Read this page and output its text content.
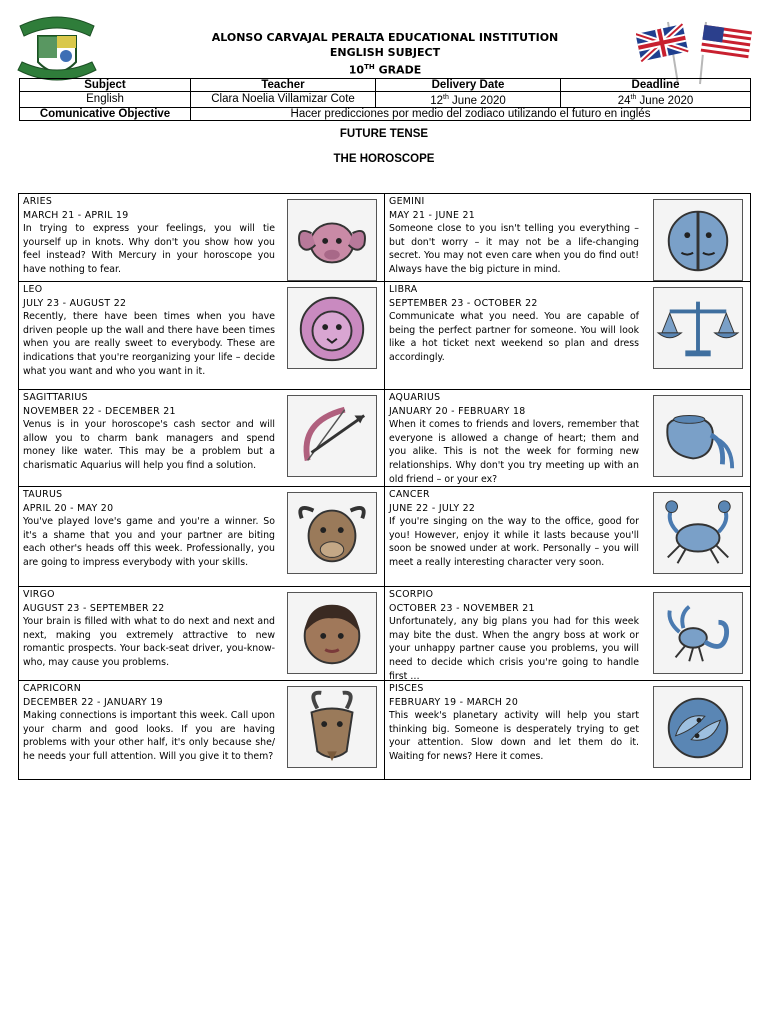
ALONSO CARVAJAL PERALTA EDUCATIONAL INSTITUTION
ENGLISH SUBJECT
10TH GRADE
Subject	Teacher	Delivery Date	Deadline
English	Clara Noelia Villamizar Cote	12th June 2020	24th June 2020
Comunicative Objective	Hacer predicciones por medio del zodiaco utilizando el futuro en inglés		
FUTURE TENSE
THE HOROSCOPE
ARIES
MARCH 21 - APRIL 19
In trying to express your feelings, you will tie yourself up in knots. Why don't you show how you feel instead? With Mercury in your horoscope you have nothing to fear.
GEMINI
MAY 21 - JUNE 21
Someone close to you isn't telling you everything – but don't worry – it may not be a life-changing secret. You may not even care when you do find out! Always have the big picture in mind.
LEO
JULY 23 - AUGUST 22
Recently, there have been times when you have driven people up the wall and there have been times when you are really sweet to everybody. These are indications that you're reorganizing your life – decide what you want and who you want in it.
LIBRA
SEPTEMBER 23 - OCTOBER 22
Communicate what you need. You are capable of being the perfect partner for someone. You will look like a hot ticket next weekend so plan and dress accordingly.
SAGITTARIUS
NOVEMBER 22 - DECEMBER 21
Venus is in your horoscope's cash sector and will allow you to charm bank managers and spend money like water. This may be a problem but a charismatic Aquarius will help you find a solution.
AQUARIUS
JANUARY 20 - FEBRUARY 18
When it comes to friends and lovers, remember that everyone is allowed a change of heart; them and you alike. This is not the week for forming new relationships. Why don't you try meeting up with an old friend – or your ex?
TAURUS
APRIL 20 - MAY 20
You've played love's game and you're a winner. So it's a shame that you and your partner are biting each other's heads off this week. Professionally, you are going to impress everybody with your skills.
CANCER
JUNE 22 - JULY 22
If you're singing on the way to the office, good for you! However, enjoy it while it lasts because you'll soon be snowed under at work. Personally – you will meet a really interesting character very soon.
VIRGO
AUGUST 23 - SEPTEMBER 22
Your brain is filled with what to do next and next and next, making you extremely attractive to new romantic prospects. Your back-seat driver, you-know-who, may cause you problems.
SCORPIO
OCTOBER 23 - NOVEMBER 21
Unfortunately, any big plans you had for this week may bite the dust. When the angry boss at work or your unhappy partner cause you problems, you will need to decide which crisis you're going to handle first …
CAPRICORN
DECEMBER 22 - JANUARY 19
Making connections is important this week. Call upon your charm and good looks. If you are having problems with your other half, it's only because she/ he needs your full attention. Will you give it to them?
PISCES
FEBRUARY 19 - MARCH 20
This week's planetary activity will help you start thinking big. Someone is desperately trying to get your attention. Slow down and let them do it. Waiting for news? Here it comes.
